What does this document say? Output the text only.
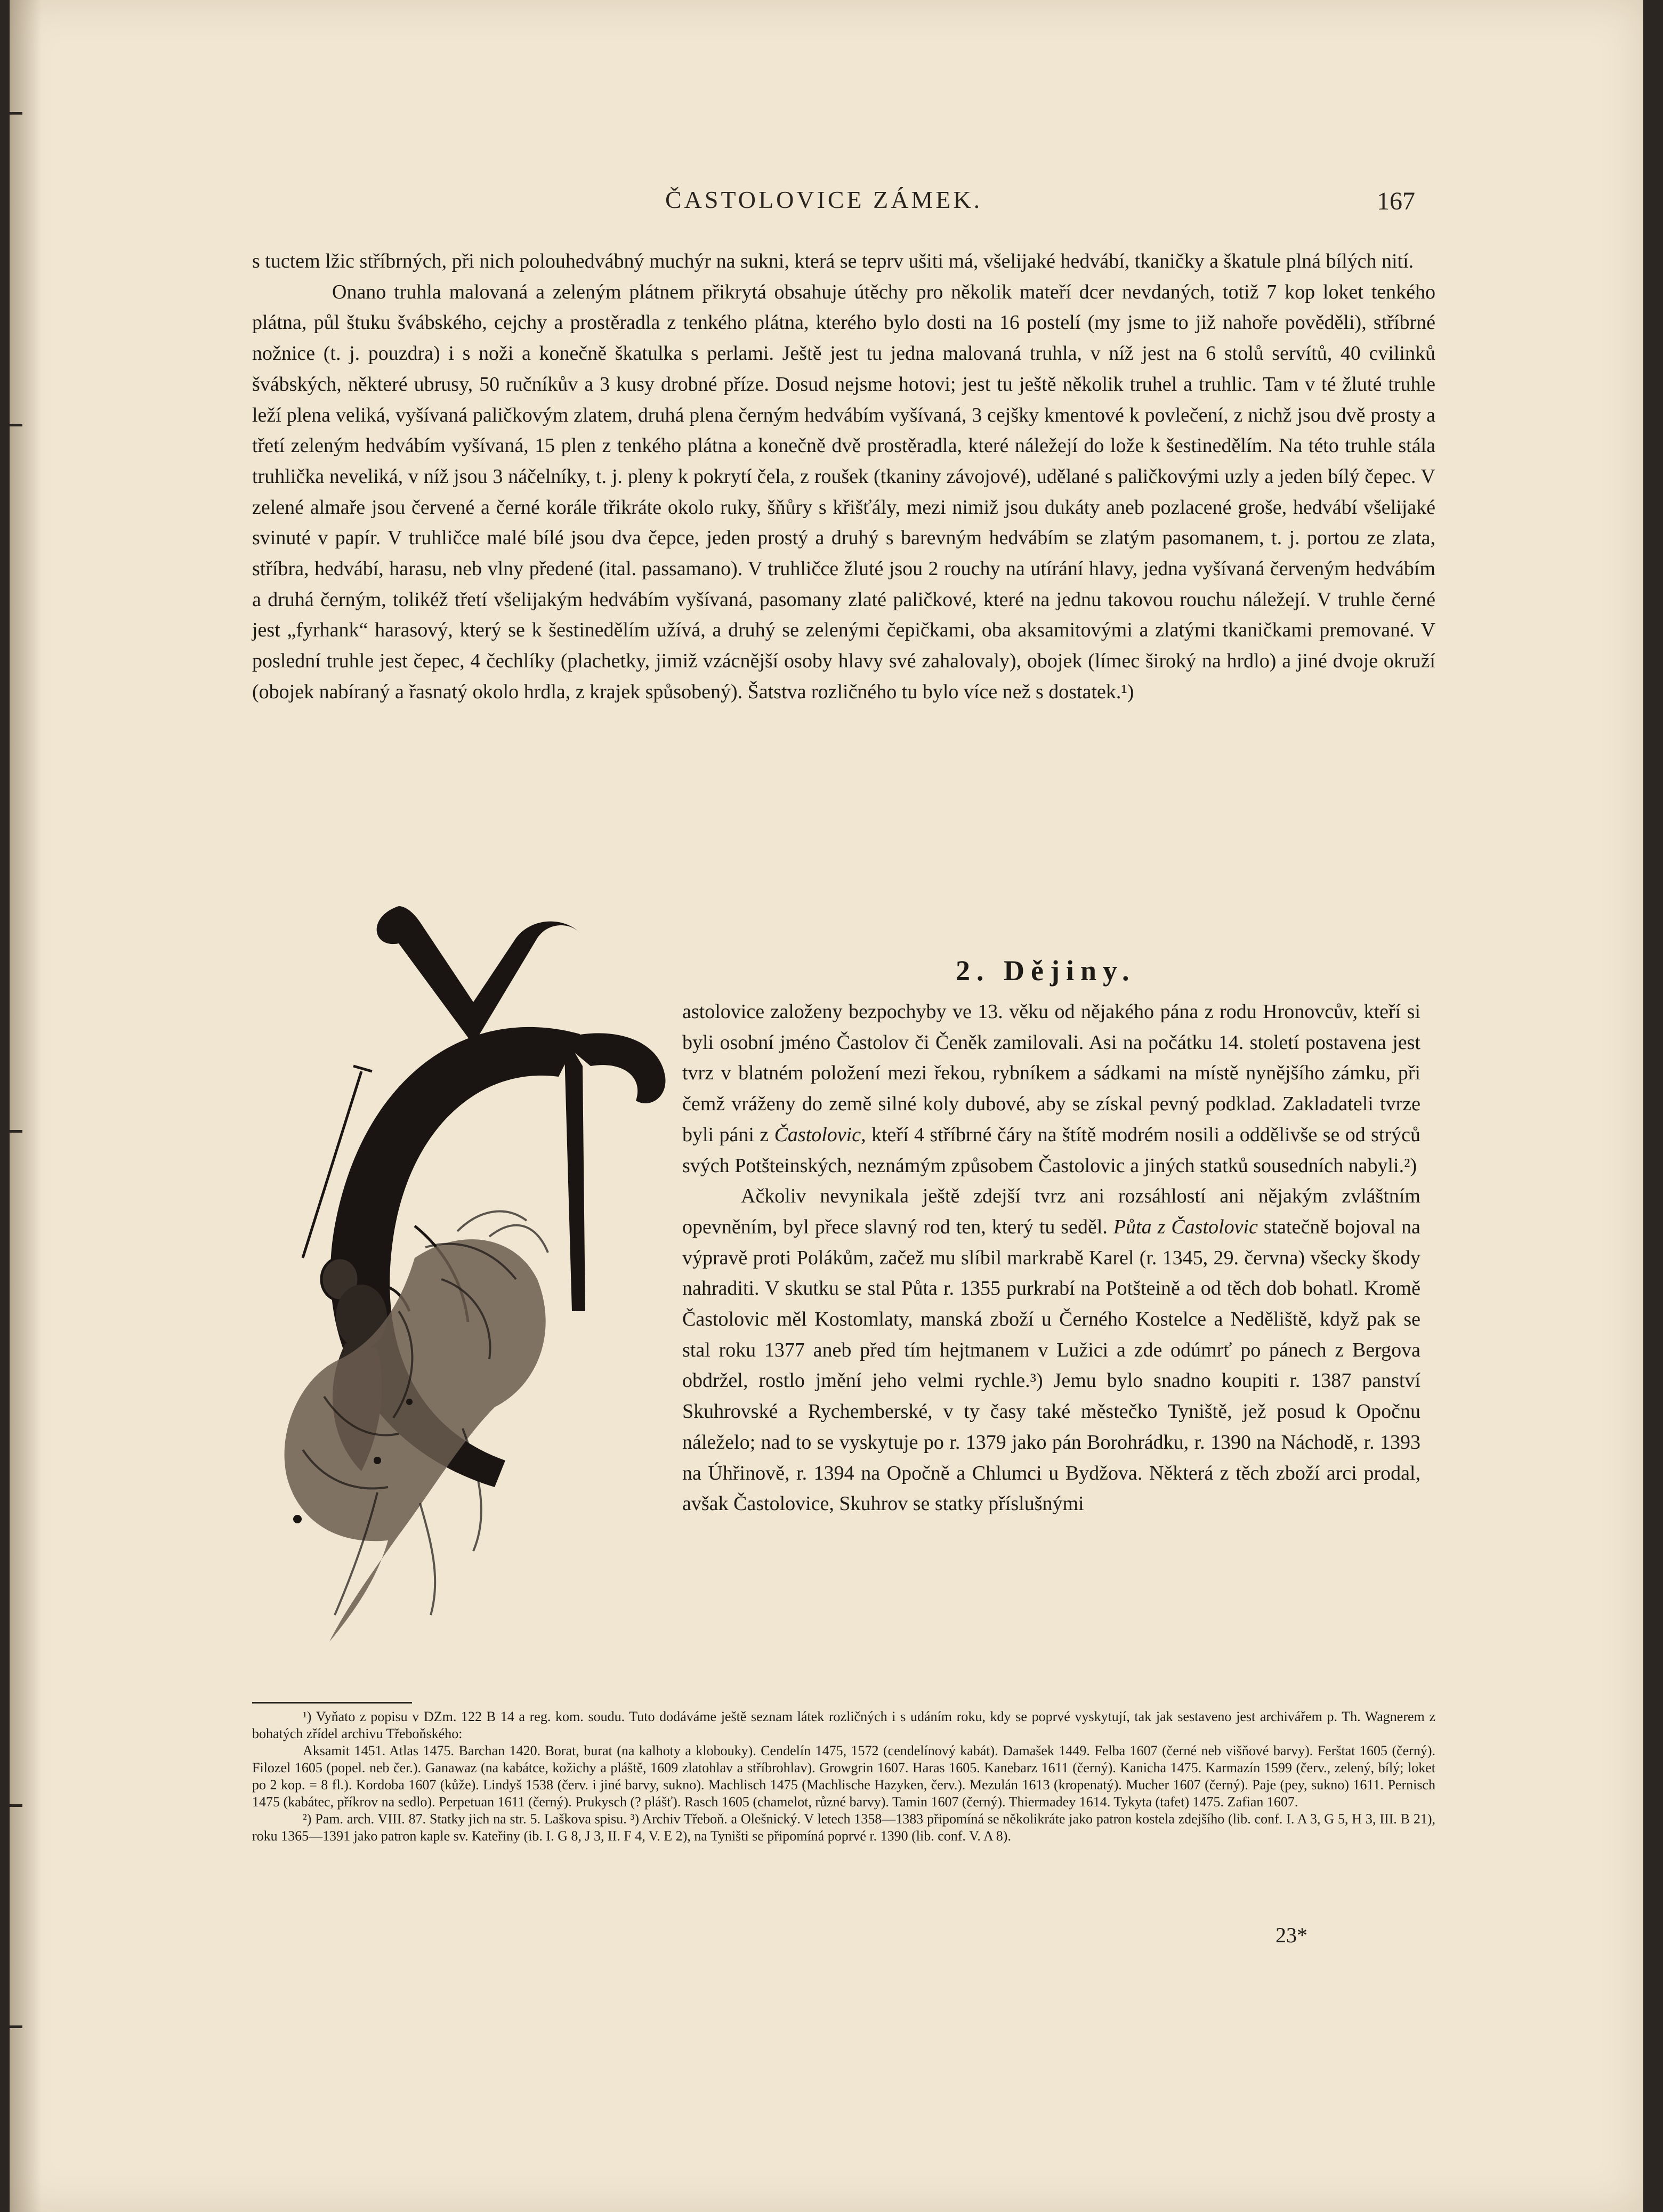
ČASTOLOVICE ZÁMEK.	167

s tuctem lžic stříbrných, při nich polouhedvábný muchýr na sukni, která se teprv ušiti má, všelijaké hedvábí, tkaničky a škatule plná bílých nití.

Onano truhla malovaná a zeleným plátnem přikrytá obsahuje útěchy pro několik mateří dcer nevdaných, totiž 7 kop loket tenkého plátna, půl štuku švábského, cejchy a prostěradla z tenkého plátna, kterého bylo dosti na 16 postelí (my jsme to již nahoře pověděli), stříbrné nožnice (t. j. pouzdra) i s noži a konečně škatulka s perlami. Ještě jest tu jedna malovaná truhla, v níž jest na 6 stolů servítů, 40 cvilinků švábských, některé ubrusy, 50 ručníkův a 3 kusy drobné příze. Dosud nejsme hotovi; jest tu ještě několik truhel a truhlic. Tam v té žluté truhle leží plena veliká, vyšívaná paličkovým zlatem, druhá plena černým hedvábím vyšívaná, 3 cejšky kmentové k povlečení, z nichž jsou dvě prosty a třetí zeleným hedvábím vyšívaná, 15 plen z tenkého plátna a konečně dvě prostěradla, které náležejí do lože k šestinedělím. Na této truhle stála truhlička neveliká, v níž jsou 3 náčelníky, t. j. pleny k pokrytí čela, z roušek (tkaniny závojové), udělané s paličkovými uzly a jeden bílý čepec. V zelené almaře jsou červené a černé korále třikráte okolo ruky, šňůry s křišťály, mezi nimiž jsou dukáty aneb pozlacené groše, hedvábí všelijaké svinuté v papír. V truhličce malé bílé jsou dva čepce, jeden prostý a druhý s barevným hedvábím se zlatým pasomanem, t. j. portou ze zlata, stříbra, hedvábí, harasu, neb vlny předené (ital. passamano). V truhličce žluté jsou 2 rouchy na utírání hlavy, jedna vyšívaná červeným hedvábím a druhá černým, tolikéž třetí všelijakým hedvábím vyšívaná, pasomany zlaté paličkové, které na jednu takovou rouchu náležejí. V truhle černé jest „fyrhank“ harasový, který se k šestinedělím užívá, a druhý se zelenými čepičkami, oba aksamitovými a zlatými tkaničkami premované. V poslední truhle jest čepec, 4 čechlíky (plachetky, jimiž vzácnější osoby hlavy své zahalovaly), obojek (límec široký na hrdlo) a jiné dvoje okruží (obojek nabíraný a řasnatý okolo hrdla, z krajek spůsobený). Šatstva rozličného tu bylo více než s dostatek.¹)

2. Dějiny.

astolovice založeny bezpochyby ve 13. věku od nějakého pána z rodu Hronovcův, kteří si byli osobní jméno Častolov či Čeněk zamilovali. Asi na počátku 14. století postavena jest tvrz v blatném položení mezi řekou, rybníkem a sádkami na místě nynějšího zámku, při čemž vráženy do země silné koly dubové, aby se získal pevný podklad. Zakladateli tvrze byli páni z Častolovic, kteří 4 stříbrné čáry na štítě modrém nosili a oddělivše se od strýců svých Potšteinských, neznámým způsobem Častolovic a jiných statků sousedních nabyli.²)

Ačkoliv nevynikala ještě zdejší tvrz ani rozsáhlostí ani nějakým zvláštním opevněním, byl přece slavný rod ten, který tu seděl. Půta z Častolovic statečně bojoval na výpravě proti Polákům, začež mu slíbil markrabě Karel (r. 1345, 29. června) všecky škody nahraditi. V skutku se stal Půta r. 1355 purkrabí na Potšteině a od těch dob bohatl. Kromě Častolovic měl Kostomlaty, manská zboží u Černého Kostelce a Neděliště, když pak se stal roku 1377 aneb před tím hejtmanem v Lužici a zde odúmrť po pánech z Bergova obdržel, rostlo jmění jeho velmi rychle.³) Jemu bylo snadno koupiti r. 1387 panství Skuhrovské a Rychemberské, v ty časy také městečko Tyniště, jež posud k Opočnu náleželo; nad to se vyskytuje po r. 1379 jako pán Borohrádku, r. 1390 na Náchodě, r. 1393 na Úhřinově, r. 1394 na Opočně a Chlumci u Bydžova. Některá z těch zboží arci prodal, avšak Častolovice, Skuhrov se statky příslušnými

¹) Vyňato z popisu v DZm. 122 B 14 a reg. kom. soudu. Tuto dodáváme ještě seznam látek rozličných i s udáním roku, kdy se poprvé vyskytují, tak jak sestaveno jest archivářem p. Th. Wagnerem z bohatých zřídel archivu Třeboňského:

Aksamit 1451. Atlas 1475. Barchan 1420. Borat, burat (na kalhoty a klobouky). Cendelín 1475, 1572 (cendelínový kabát). Damašek 1449. Felba 1607 (černé neb višňové barvy). Ferštat 1605 (černý). Filozel 1605 (popel. neb čer.). Ganawaz (na kabátce, kožichy a pláště, 1609 zlatohlav a stříbrohlav). Growgrin 1607. Haras 1605. Kanebarz 1611 (černý). Kanicha 1475. Karmazín 1599 (červ., zelený, bílý; loket po 2 kop. = 8 fl.). Kordoba 1607 (kůže). Lindyš 1538 (červ. i jiné barvy, sukno). Machlisch 1475 (Machlische Hazyken, červ.). Mezulán 1613 (kropenatý). Mucher 1607 (černý). Paje (pey, sukno) 1611. Pernisch 1475 (kabátec, příkrov na sedlo). Perpetuan 1611 (černý). Prukysch (? plášť). Rasch 1605 (chamelot, různé barvy). Tamin 1607 (černý). Thiermadey 1614. Tykyta (tafet) 1475. Zafian 1607.

²) Pam. arch. VIII. 87. Statky jich na str. 5. Laškova spisu. ³) Archiv Třeboň. a Olešnický. V letech 1358—1383 připomíná se několikráte jako patron kostela zdejšího (lib. conf. I. A 3, G 5, H 3, III. B 21), roku 1365—1391 jako patron kaple sv. Kateřiny (ib. I. G 8, J 3, II. F 4, V. E 2), na Tyništi se připomíná poprvé r. 1390 (lib. conf. V. A 8).

23*
